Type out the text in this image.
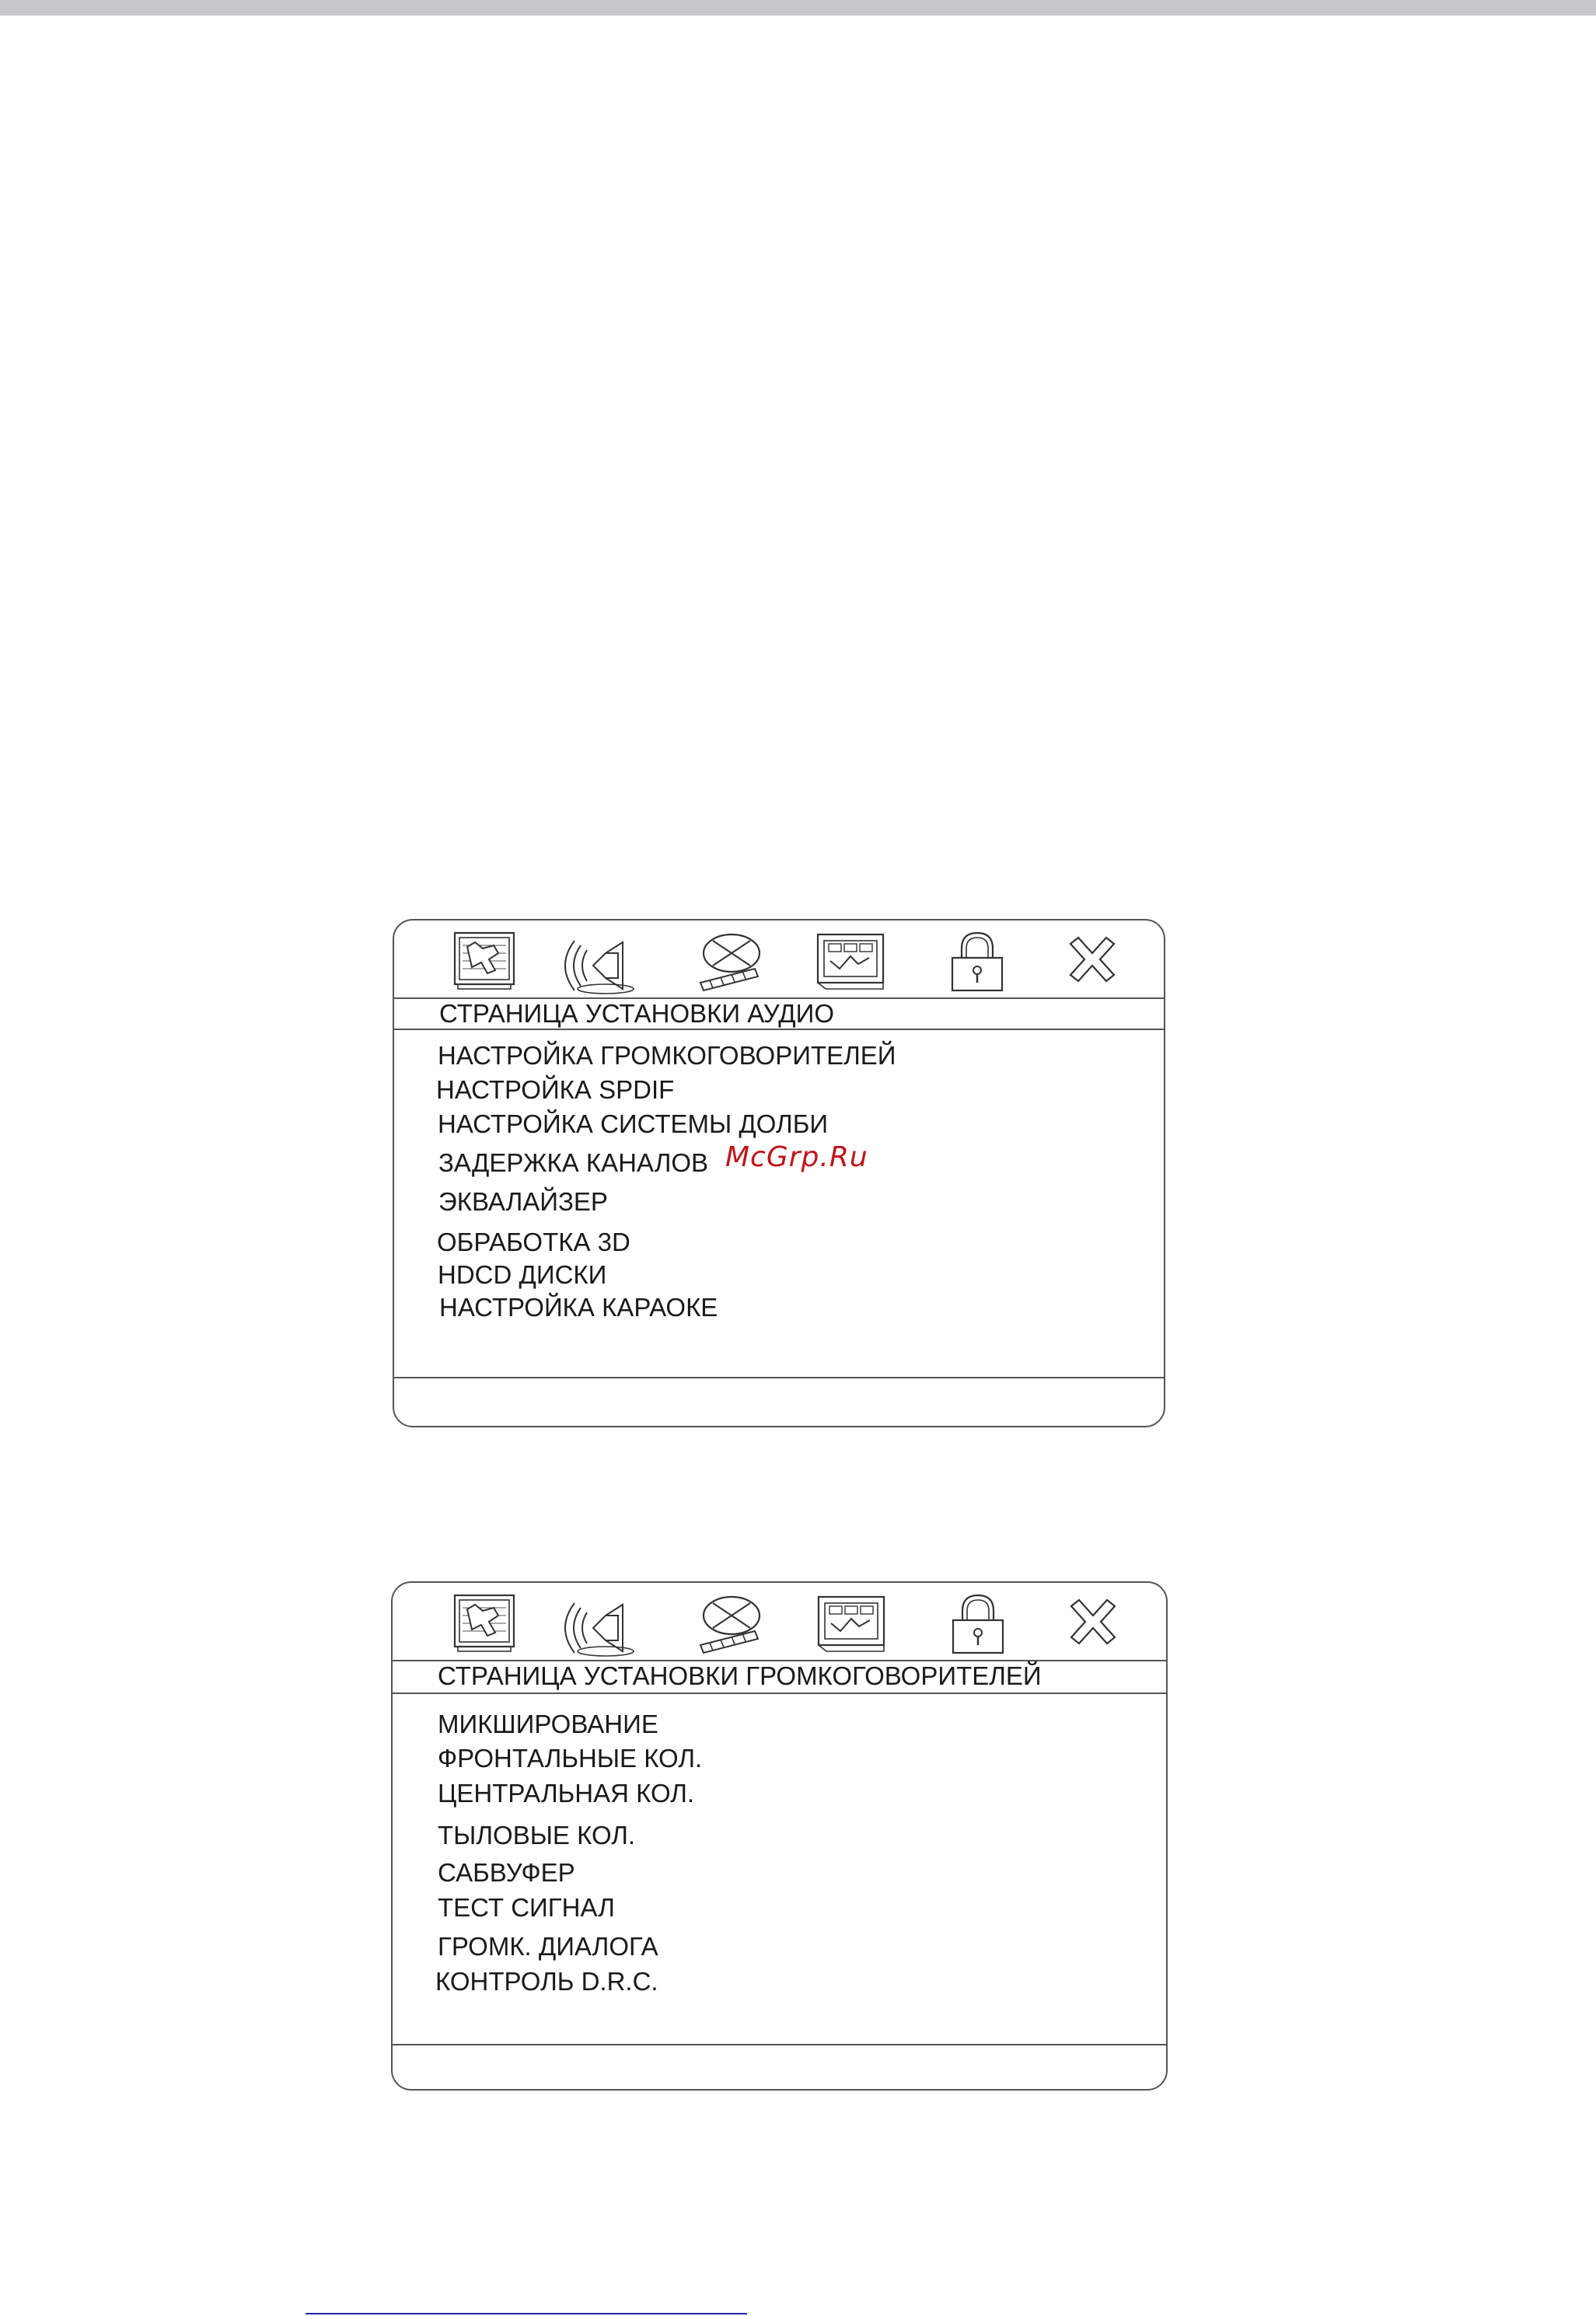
СТРАНИЦА УСТАНОВКИ АУДИО
НАСТРОЙКА ГРОМКОГОВОРИТЕЛЕЙ
НАСТРОЙКА SPDIF
НАСТРОЙКА СИСТЕМЫ ДОЛБИ
ЗАДЕРЖКА КАНАЛОВ
ЭКВАЛАЙЗЕР
ОБРАБОТКА 3D
HDCD ДИСКИ
НАСТРОЙКА КАРАОКЕ
McGrp.Ru
СТРАНИЦА УСТАНОВКИ ГРОМКОГОВОРИТЕЛЕЙ
МИКШИРОВАНИЕ
ФРОНТАЛЬНЫЕ КОЛ.
ЦЕНТРАЛЬНАЯ КОЛ.
ТЫЛОВЫЕ КОЛ.
САБВУФЕР
ТЕСТ СИГНАЛ
ГРОМК. ДИАЛОГА
КОНТРОЛЬ D.R.C.
